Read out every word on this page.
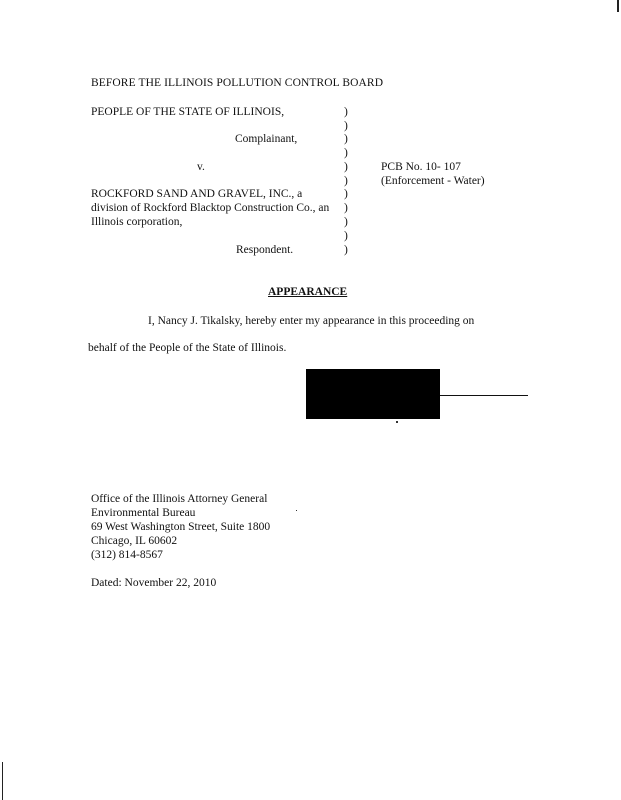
BEFORE THE ILLINOIS POLLUTION CONTROL BOARD
PEOPLE OF THE STATE OF ILLINOIS,
Complainant,
v.
ROCKFORD SAND AND GRAVEL, INC., a
division of Rockford Blacktop Construction Co., an
Illinois corporation,
Respondent.
)
)
)
)
)
)
)
)
)
)
)
PCB No. 10- 107
(Enforcement - Water)
APPEARANCE
I, Nancy J. Tikalsky, hereby enter my appearance in this proceeding on
behalf of the People of the State of Illinois.
Office of the Illinois Attorney General
Environmental Bureau
69 West Washington Street, Suite 1800
Chicago, IL 60602
(312) 814-8567
Dated: November 22, 2010
